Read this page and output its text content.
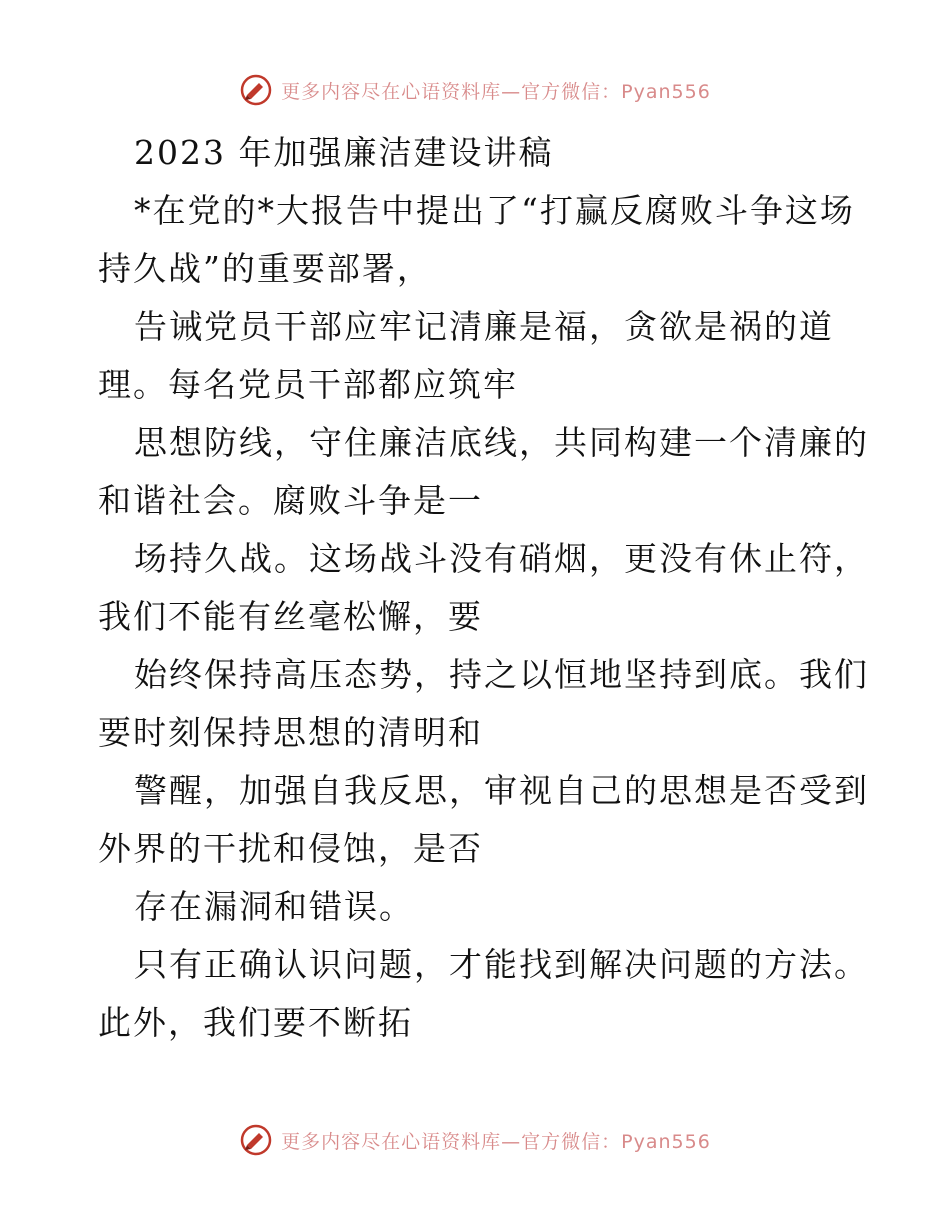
更多内容尽在心语资料库—官方微信：Pyan556
2023 年加强廉洁建设讲稿
*在党的*大报告中提出了“打赢反腐败斗争这场
持久战”的重要部署，
告诫党员干部应牢记清廉是福，贪欲是祸的道
理。每名党员干部都应筑牢
思想防线，守住廉洁底线，共同构建一个清廉的
和谐社会。腐败斗争是一
场持久战。这场战斗没有硝烟，更没有休止符，
我们不能有丝毫松懈，要
始终保持高压态势，持之以恒地坚持到底。我们
要时刻保持思想的清明和
警醒，加强自我反思，审视自己的思想是否受到
外界的干扰和侵蚀，是否
存在漏洞和错误。
只有正确认识问题，才能找到解决问题的方法。
此外，我们要不断拓
更多内容尽在心语资料库—官方微信：Pyan556
